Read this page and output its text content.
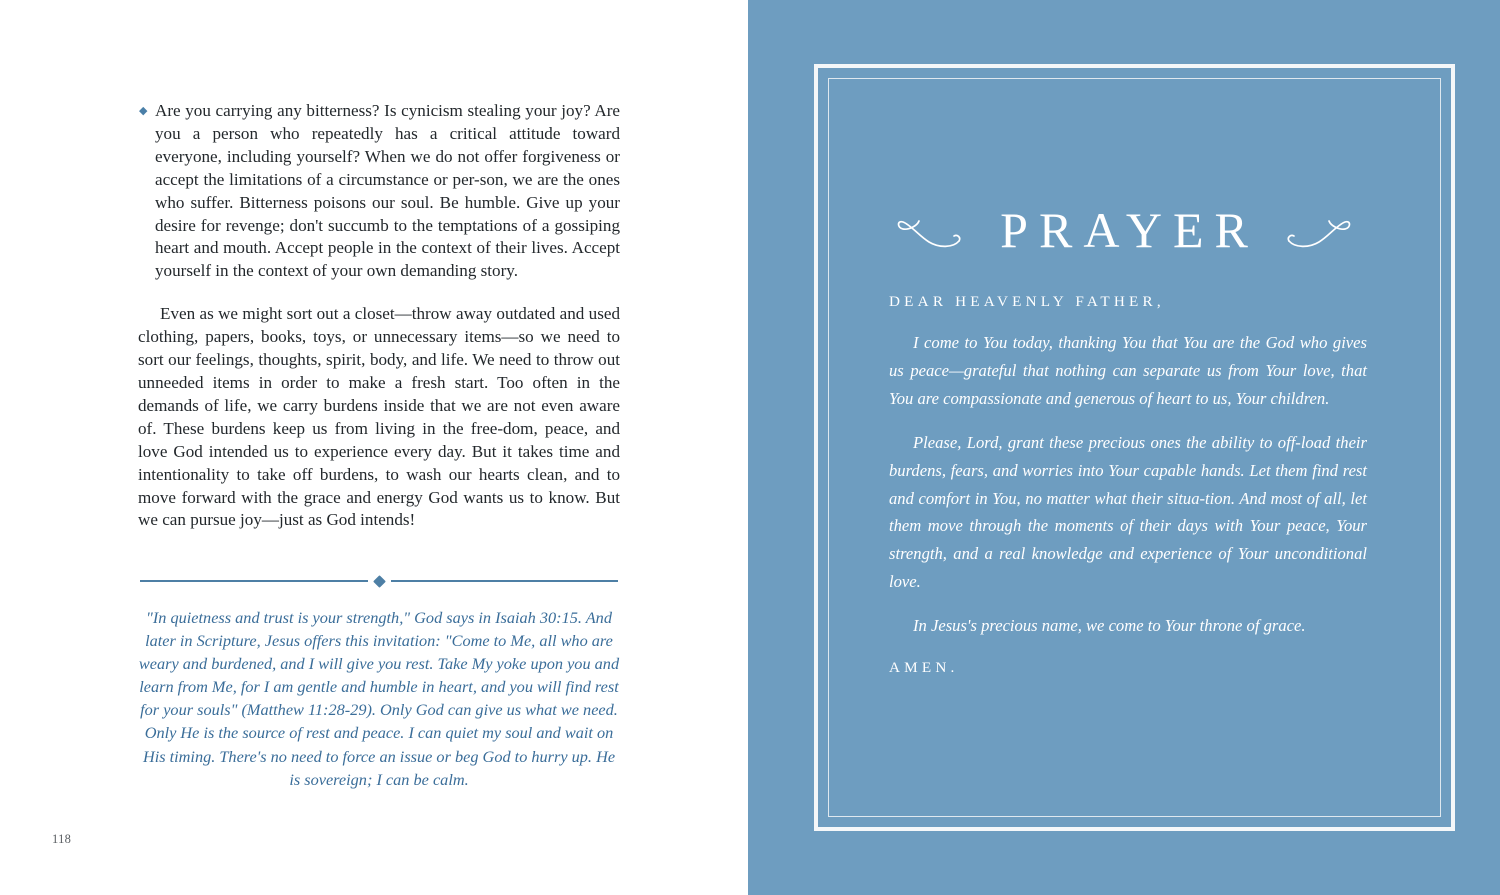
◆ Are you carrying any bitterness? Is cynicism stealing your joy? Are you a person who repeatedly has a critical attitude toward everyone, including yourself? When we do not offer forgiveness or accept the limitations of a circumstance or per-son, we are the ones who suffer. Bitterness poisons our soul. Be humble. Give up your desire for revenge; don't succumb to the temptations of a gossiping heart and mouth. Accept people in the context of their lives. Accept yourself in the context of your own demanding story.

Even as we might sort out a closet—throw away outdated and used clothing, papers, books, toys, or unnecessary items—so we need to sort our feelings, thoughts, spirit, body, and life. We need to throw out unneeded items in order to make a fresh start. Too often in the demands of life, we carry burdens inside that we are not even aware of. These burdens keep us from living in the free-dom, peace, and love God intended us to experience every day. But it takes time and intentionality to take off burdens, to wash our hearts clean, and to move forward with the grace and energy God wants us to know. But we can pursue joy—just as God intends!

"In quietness and trust is your strength," God says in Isaiah 30:15. And later in Scripture, Jesus offers this invitation: "Come to Me, all who are weary and burdened, and I will give you rest. Take My yoke upon you and learn from Me, for I am gentle and humble in heart, and you will find rest for your souls" (Matthew 11:28-29). Only God can give us what we need. Only He is the source of rest and peace. I can quiet my soul and wait on His timing. There's no need to force an issue or beg God to hurry up. He is sovereign; I can be calm.
118
PRAYER
DEAR HEAVENLY FATHER,

I come to You today, thanking You that You are the God who gives us peace—grateful that nothing can separate us from Your love, that You are compassionate and generous of heart to us, Your children.

Please, Lord, grant these precious ones the ability to off-load their burdens, fears, and worries into Your capable hands. Let them find rest and comfort in You, no matter what their situa-tion. And most of all, let them move through the moments of their days with Your peace, Your strength, and a real knowledge and experience of Your unconditional love.

In Jesus's precious name, we come to Your throne of grace.

AMEN.
